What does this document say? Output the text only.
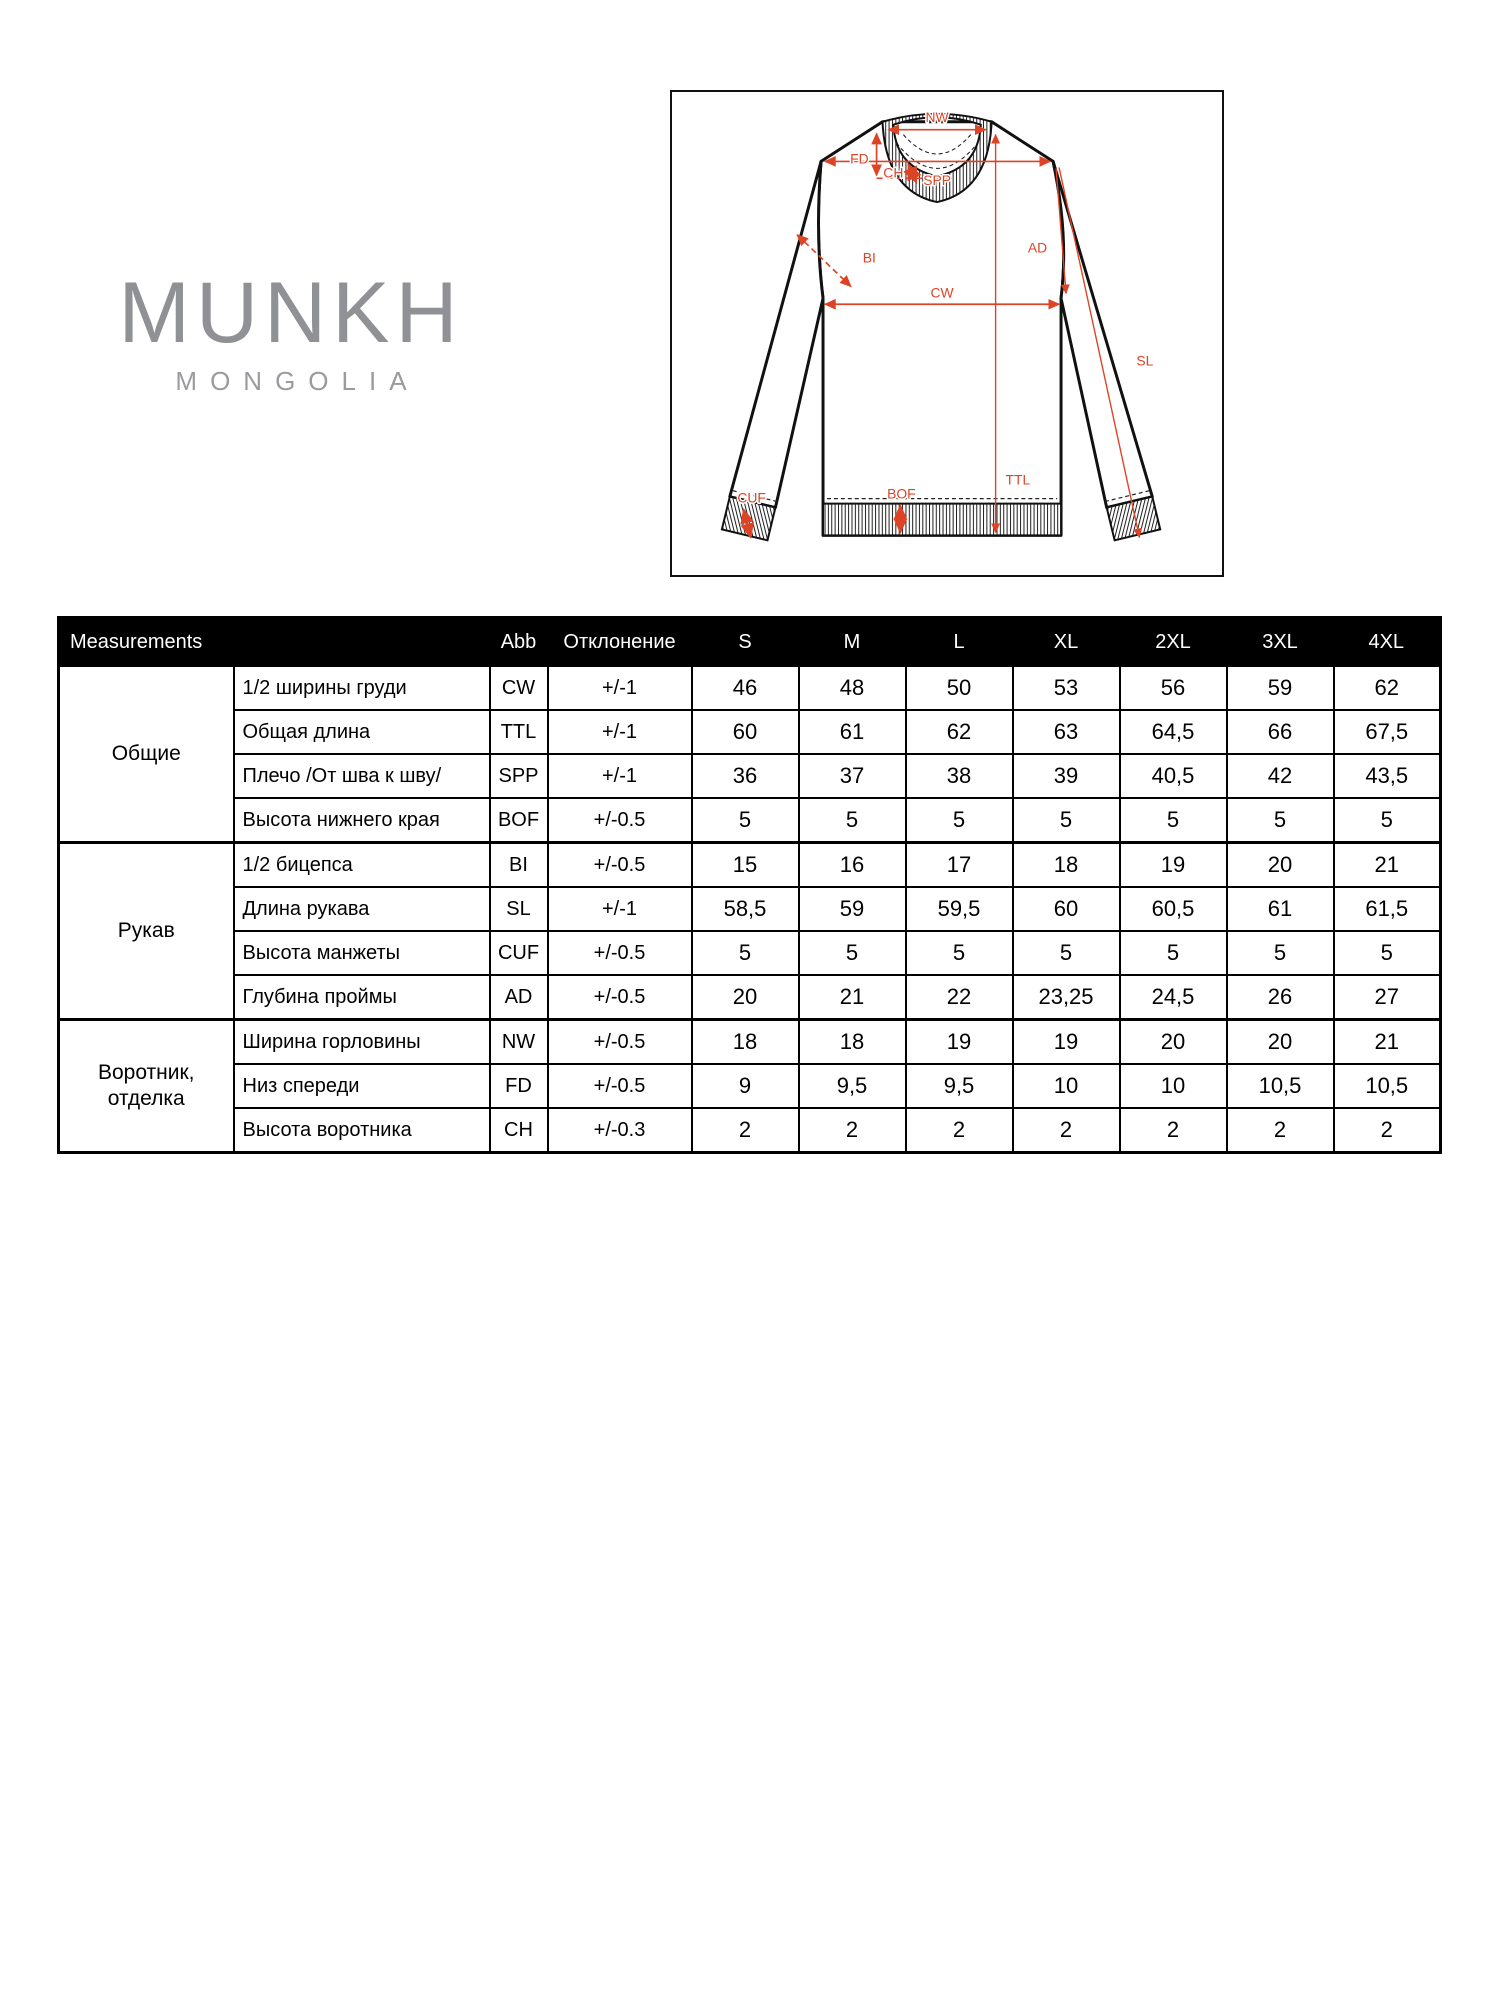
MUNKH
MONGOLIA
NW
FD
SPP
CH
BI
AD
CW
SL
TTL
BOF
CUF
Measurements		Abb	Отклонение	S	M	L	XL	2XL	3XL	4XL
Общие	1/2 ширины груди	CW	+/-1	46	48	50	53	56	59	62
	Общая длина	TTL	+/-1	60	61	62	63	64,5	66	67,5
	Плечо /От шва к шву/	SPP	+/-1	36	37	38	39	40,5	42	43,5
	Высота нижнего края	BOF	+/-0.5	5	5	5	5	5	5	5
Рукав	1/2 бицепса	BI	+/-0.5	15	16	17	18	19	20	21
	Длина рукава	SL	+/-1	58,5	59	59,5	60	60,5	61	61,5
	Высота манжеты	CUF	+/-0.5	5	5	5	5	5	5	5
	Глубина проймы	AD	+/-0.5	20	21	22	23,25	24,5	26	27
Воротник, отделка	Ширина горловины	NW	+/-0.5	18	18	19	19	20	20	21
	Низ спереди	FD	+/-0.5	9	9,5	9,5	10	10	10,5	10,5
	Высота воротника	CH	+/-0.3	2	2	2	2	2	2	2
